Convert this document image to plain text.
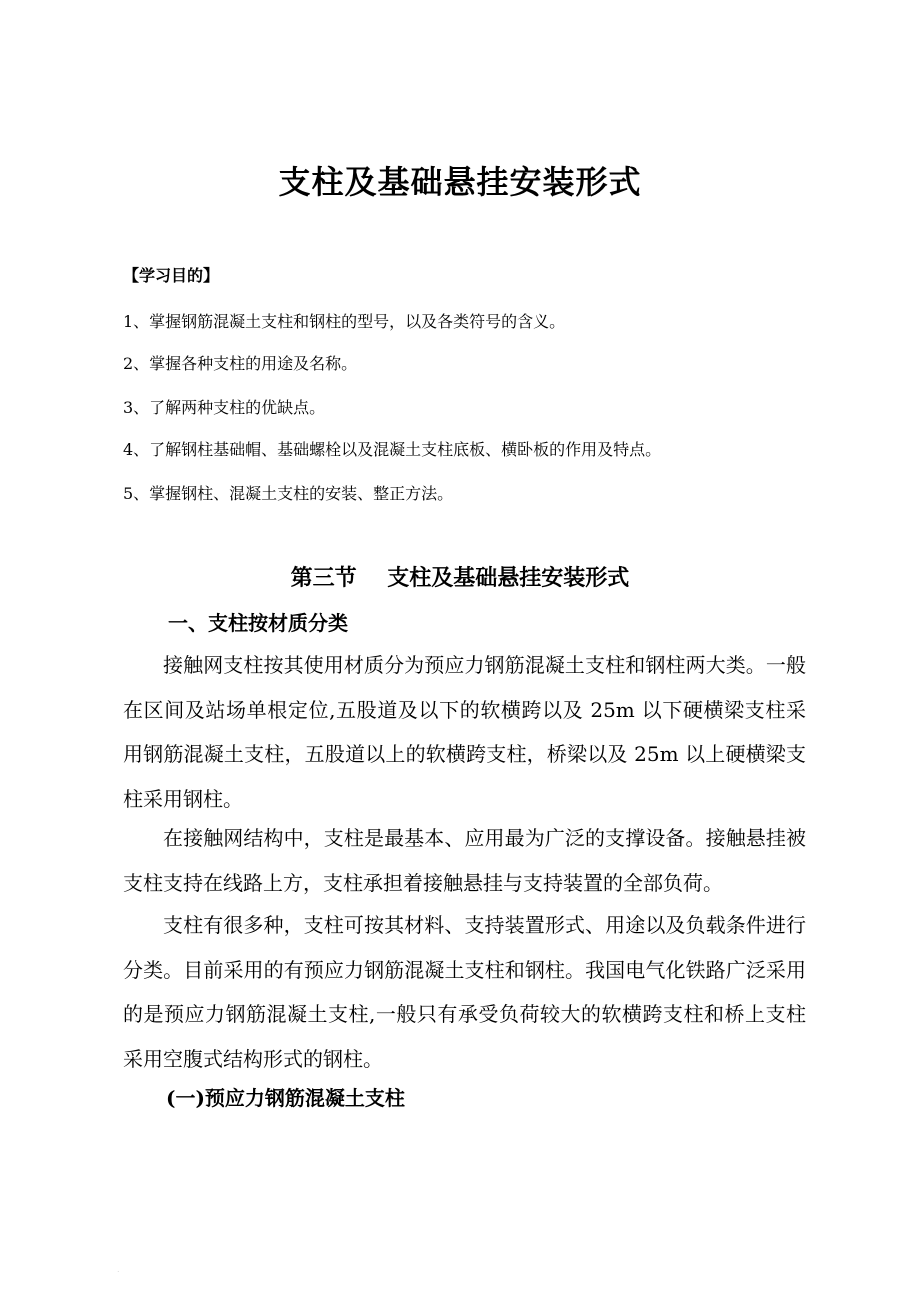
支柱及基础悬挂安装形式
【学习目的】
1、掌握钢筋混凝土支柱和钢柱的型号，以及各类符号的含义。
2、掌握各种支柱的用途及名称。
3、了解两种支柱的优缺点。
4、了解钢柱基础帽、基础螺栓以及混凝土支柱底板、横卧板的作用及特点。
5、掌握钢柱、混凝土支柱的安装、整正方法。
第三节    支柱及基础悬挂安装形式
一、支柱按材质分类

接触网支柱按其使用材质分为预应力钢筋混凝土支柱和钢柱两大类。一般在区间及站场单根定位,五股道及以下的软横跨以及 25m 以下硬横梁支柱采用钢筋混凝土支柱，五股道以上的软横跨支柱，桥梁以及 25m 以上硬横梁支柱采用钢柱。

在接触网结构中，支柱是最基本、应用最为广泛的支撑设备。接触悬挂被支柱支持在线路上方，支柱承担着接触悬挂与支持装置的全部负荷。

支柱有很多种，支柱可按其材料、支持装置形式、用途以及负载条件进行分类。目前采用的有预应力钢筋混凝土支柱和钢柱。我国电气化铁路广泛采用的是预应力钢筋混凝土支柱,一般只有承受负荷较大的软横跨支柱和桥上支柱采用空腹式结构形式的钢柱。

(一)预应力钢筋混凝土支柱
.
